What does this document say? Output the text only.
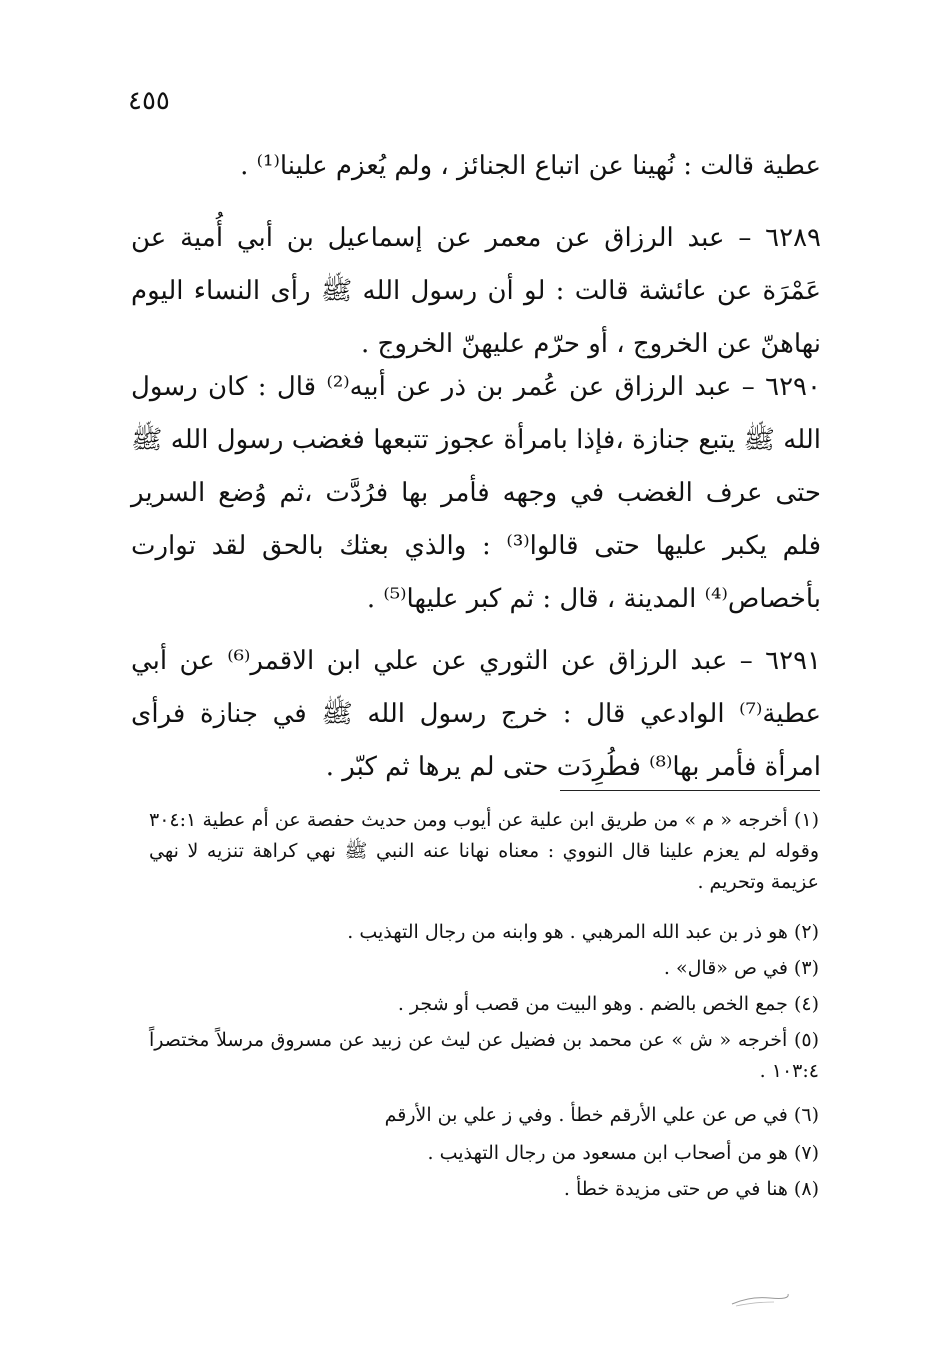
٤٥٥

عطية قالت : نُهينا عن اتباع الجنائز ، ولم يُعزم علينا⁽¹⁾ .

٦٢٨٩ – عبد الرزاق عن معمر عن إسماعيل بن أبي أُمية عن عَمْرَة عن عائشة قالت : لو أن رسول الله ﷺ رأى النساء اليوم نهاهنّ عن الخروج ، أو حرّم عليهنّ الخروج .

٦٢٩٠ – عبد الرزاق عن عُمر بن ذر عن أبيه⁽²⁾ قال : كان رسول الله ﷺ يتبع جنازة ،فإذا بامرأة عجوز تتبعها فغضب رسول الله ﷺ حتى عرف الغضب في وجهه فأمر بها فرُدَّت ،ثم وُضع السرير فلم يكبر عليها حتى قالوا⁽³⁾ : والذي بعثك بالحق لقد توارت بأخصاص⁽⁴⁾ المدينة ، قال : ثم كبر عليها⁽⁵⁾ .

٦٢٩١ – عبد الرزاق عن الثوري عن علي ابن الاقمر⁽⁶⁾ عن أبي عطية⁽⁷⁾ الوادعي قال : خرج رسول الله ﷺ في جنازة فرأى امرأة فأمر بها⁽⁸⁾ فطُرِدَت حتى لم يرها ثم كبّر .

(١) أخرجه « م » من طريق ابن علية عن أيوب ومن حديث حفصة عن أم عطية ٣٠٤:١ وقوله لم يعزم علينا قال النووي : معناه نهانا عنه النبي ﷺ نهي كراهة تنزيه لا نهي عزيمة وتحريم .
(٢) هو ذر بن عبد الله المرهبي . هو وابنه من رجال التهذيب .
(٣) في ص «قال» .
(٤) جمع الخص بالضم . وهو البيت من قصب أو شجر .
(٥) أخرجه « ش » عن محمد بن فضيل عن ليث عن زبيد عن مسروق مرسلاً مختصراً ١٠٣:٤ .
(٦) في ص عن علي الأرقم خطأ . وفي ز علي بن الأرقم
(٧) هو من أصحاب ابن مسعود من رجال التهذيب .
(٨) هنا في ص حتى مزيدة خطأ .
